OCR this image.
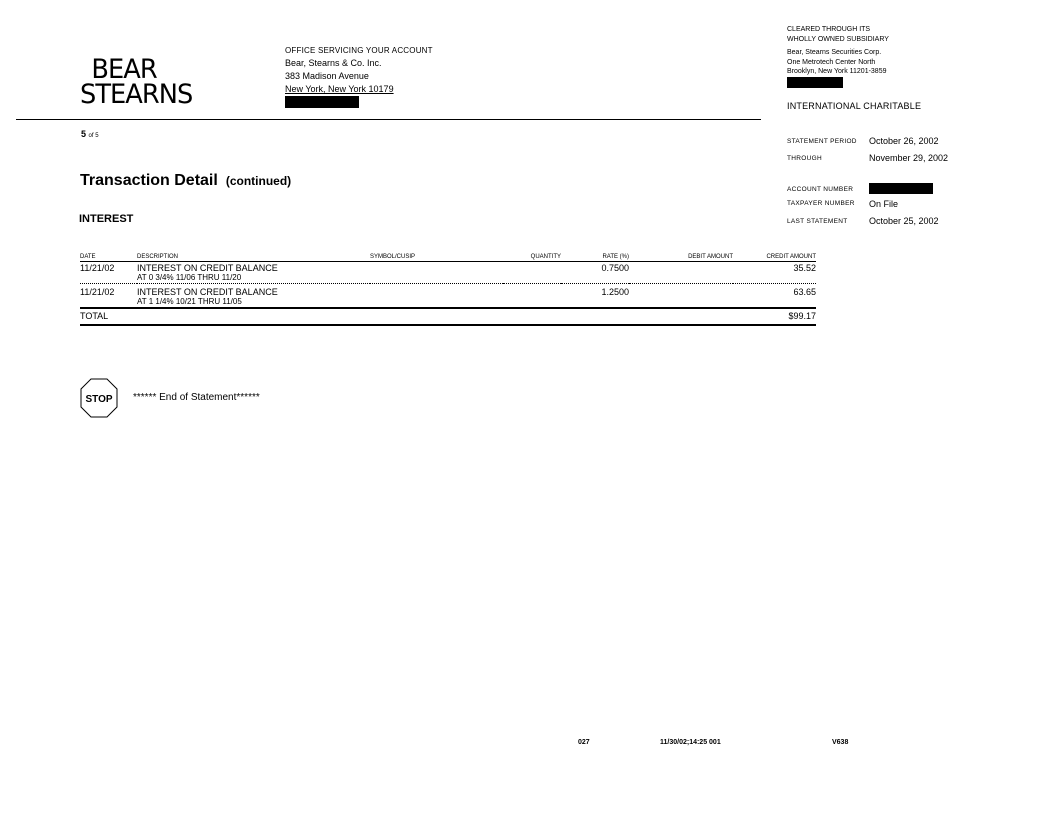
BEAR
STEARNS
OFFICE SERVICING YOUR ACCOUNT
Bear, Stearns & Co. Inc.
383 Madison Avenue
New York, New York 10179
CLEARED THROUGH ITS
WHOLLY OWNED SUBSIDIARY
Bear, Stearns Securities Corp.
One Metrotech Center North
Brooklyn, New York 11201-3859
INTERNATIONAL CHARITABLE
5 of 5
STATEMENT PERIOD October 26, 2002
THROUGH	November 29, 2002
ACCOUNT NUMBER
TAXPAYER NUMBER On File
LAST STATEMENT October 25, 2002
Transaction Detail (continued)
INTEREST
DATE	DESCRIPTION	SYMBOL/CUSIP	QUANTITY	RATE (%)	DEBIT AMOUNT	CREDIT AMOUNT
11/21/02	INTEREST ON CREDIT BALANCE
AT 0 3/4% 11/06 THRU 11/20			0.7500		35.52

11/21/02	INTEREST ON CREDIT BALANCE
AT 1 1/4% 10/21 THRU 11/05			1.2500		63.65
TOTAL						$99.17
STOP ****** End of Statement******
027	11/30/02;14:25 001	V638
